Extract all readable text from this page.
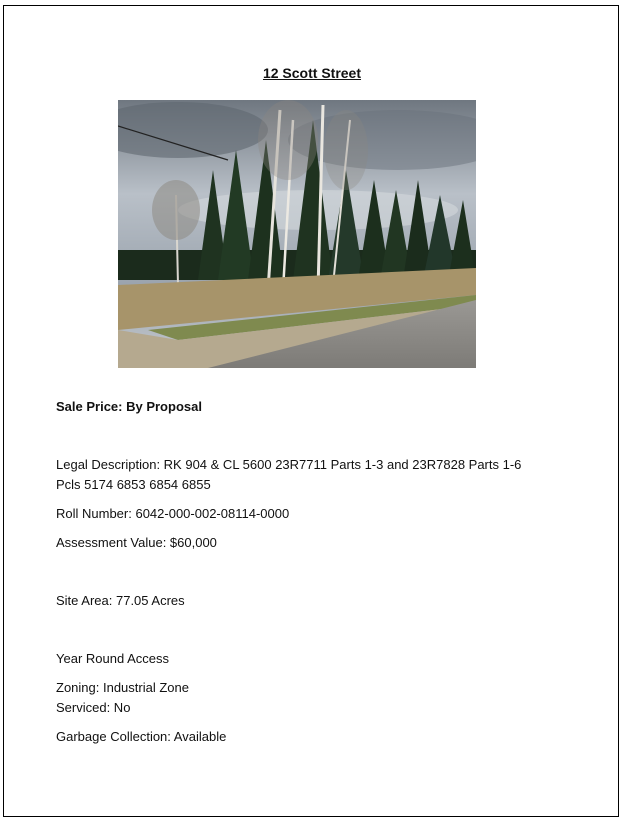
12 Scott Street

Sale Price: By Proposal

Legal Description: RK 904 & CL 5600 23R7711 Parts 1-3 and 23R7828 Parts 1-6

Pcls 5174 6853 6854 6855

Roll Number: 6042-000-002-08114-0000

Assessment Value: $60,000

Site Area: 77.05 Acres

Year Round Access

Zoning: Industrial Zone

Serviced: No

Garbage Collection: Available
